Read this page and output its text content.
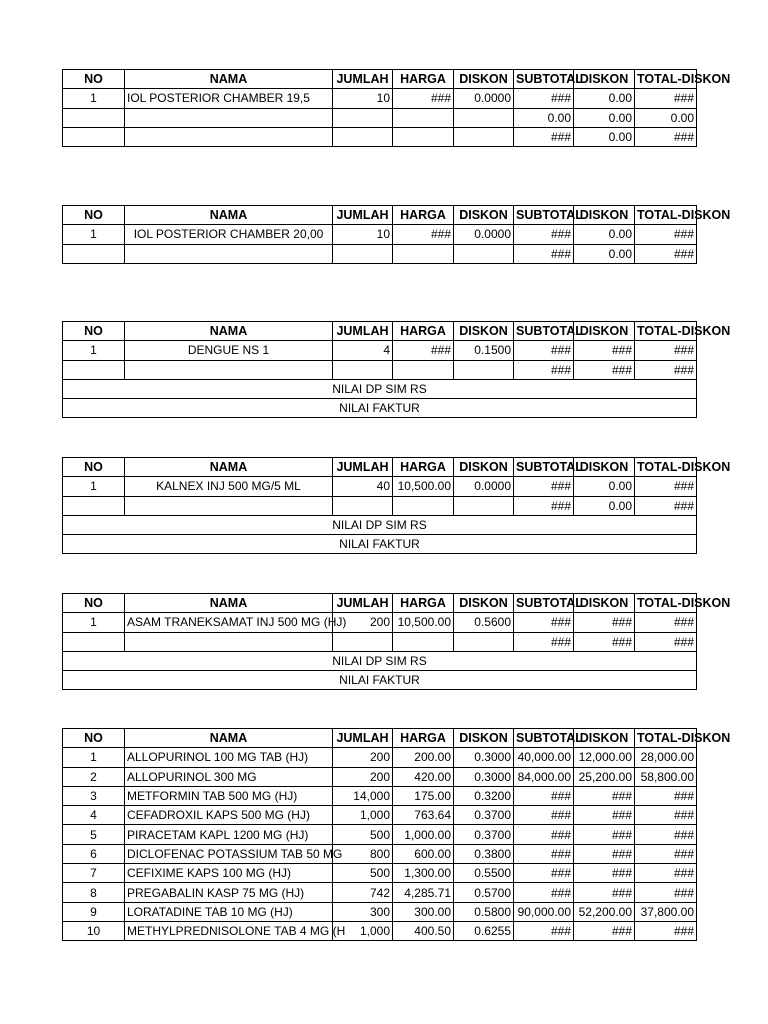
NO	NAMA	JUMLAH	HARGA	DISKON	SUBTOTAL	DISKON	TOTAL-DISKON
1	IOL POSTERIOR CHAMBER 19,5	10	###	0.0000	###	0.00	###
					0.00	0.00	0.00
					###	0.00	###
NO	NAMA	JUMLAH	HARGA	DISKON	SUBTOTAL	DISKON	TOTAL-DISKON
1	IOL POSTERIOR CHAMBER 20,00	10	###	0.0000	###	0.00	###
					###	0.00	###
NO	NAMA	JUMLAH	HARGA	DISKON	SUBTOTAL	DISKON	TOTAL-DISKON
1	DENGUE NS 1	4	###	0.1500	###	###	###
					###	###	###
NILAI DP SIM RS							
NILAI FAKTUR							
NO	NAMA	JUMLAH	HARGA	DISKON	SUBTOTAL	DISKON	TOTAL-DISKON
1	KALNEX INJ 500 MG/5 ML	40	10,500.00	0.0000	###	0.00	###
					###	0.00	###
NILAI DP SIM RS							
NILAI FAKTUR							
NO	NAMA	JUMLAH	HARGA	DISKON	SUBTOTAL	DISKON	TOTAL-DISKON
1	ASAM TRANEKSAMAT INJ 500 MG (HJ)	200	10,500.00	0.5600	###	###	###
					###	###	###
NILAI DP SIM RS							
NILAI FAKTUR							
NO	NAMA	JUMLAH	HARGA	DISKON	SUBTOTAL	DISKON	TOTAL-DISKON
1	ALLOPURINOL 100 MG TAB (HJ)	200	200.00	0.3000	40,000.00	12,000.00	28,000.00
2	ALLOPURINOL 300 MG	200	420.00	0.3000	84,000.00	25,200.00	58,800.00
3	METFORMIN TAB 500 MG (HJ)	14,000	175.00	0.3200	###	###	###
4	CEFADROXIL KAPS 500 MG (HJ)	1,000	763.64	0.3700	###	###	###
5	PIRACETAM KAPL 1200 MG (HJ)	500	1,000.00	0.3700	###	###	###
6	DICLOFENAC POTASSIUM TAB 50 MG	800	600.00	0.3800	###	###	###
7	CEFIXIME KAPS 100 MG (HJ)	500	1,300.00	0.5500	###	###	###
8	PREGABALIN KASP 75 MG (HJ)	742	4,285.71	0.5700	###	###	###
9	LORATADINE TAB 10 MG (HJ)	300	300.00	0.5800	90,000.00	52,200.00	37,800.00
10	METHYLPREDNISOLONE TAB 4 MG (H	1,000	400.50	0.6255	###	###	###
